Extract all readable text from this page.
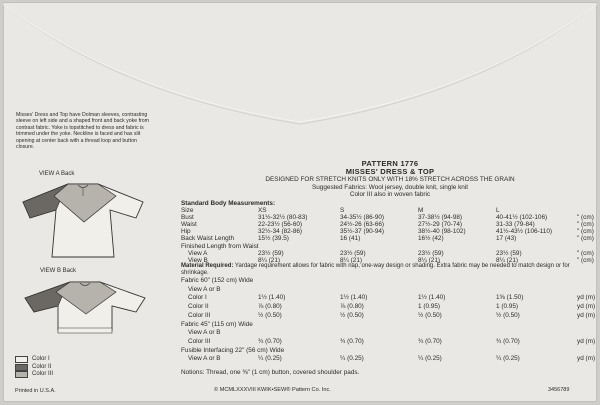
Misses' Dress and Top have Dolman sleeves, contrasting sleeve on left side and a shaped front and back yoke from contrast fabric. Yoke is topstitched to dress and fabric is trimmed under the yoke. Neckline is faced and has slit opening at center back with a thread loop and button closure.
VIEW A Back
VIEW B Back
Color I
Color II
Color III
Printed in U.S.A.
PATTERN 1776
MISSES' DRESS & TOP
DESIGNED FOR STRETCH KNITS ONLY WITH 18% STRETCH ACROSS THE GRAIN
Suggested Fabrics: Wool jersey, double knit, single knit
Color III also in woven fabric
Standard Body Measurements:
Size	XS	S	M	L
Bust	31½-32½ (80-83)	34-35½ (86-90)	37-38½ (94-98)	40-41½ (102-106)	" (cm)
Waist	22-23½ (56-60)	24½-26 (63-66)	27½-29 (70-74)	31-33 (79-84)	" (cm)
Hip	32½-34 (82-86)	35½-37 (90-94)	38½-40 (98-102)	41½-43½ (106-110)	" (cm)
Back Waist Length	15½ (39.5)	16 (41)	16½ (42)	17 (43)	" (cm)
Finished Length from Waist
View A	23½ (59)	23½ (59)	23½ (59)	23½ (59)	" (cm)
View B	8¼ (21)	8¼ (21)	8¼ (21)	8¼ (21)	" (cm)
Material Required: Yardage requirement allows for fabric with nap, one-way design or shading. Extra fabric may be needed to match design or for shrinkage.
Fabric 60" (152 cm) Wide
View A or B
Color I	1½ (1.40)	1½ (1.40)	1½ (1.40)	1⅝ (1.50)	yd (m)
Color II	⅞ (0.80)	⅞ (0.80)	1 (0.95)	1 (0.95)	yd (m)
Color III	½ (0.50)	½ (0.50)	½ (0.50)	½ (0.50)	yd (m)
Fabric 45" (115 cm) Wide
View A or B
Color III	¾ (0.70)	¾ (0.70)	¾ (0.70)	¾ (0.70)	yd (m)
Fusible Interfacing 22" (56 cm) Wide
View A or B	¼ (0.25)	¼ (0.25)	¼ (0.25)	¼ (0.25)	yd (m)
Notions: Thread, one ⅜" (1 cm) button, covered shoulder pads.
© MCMLXXXVIII KWIK•SEW® Pattern Co. Inc.	3456789
